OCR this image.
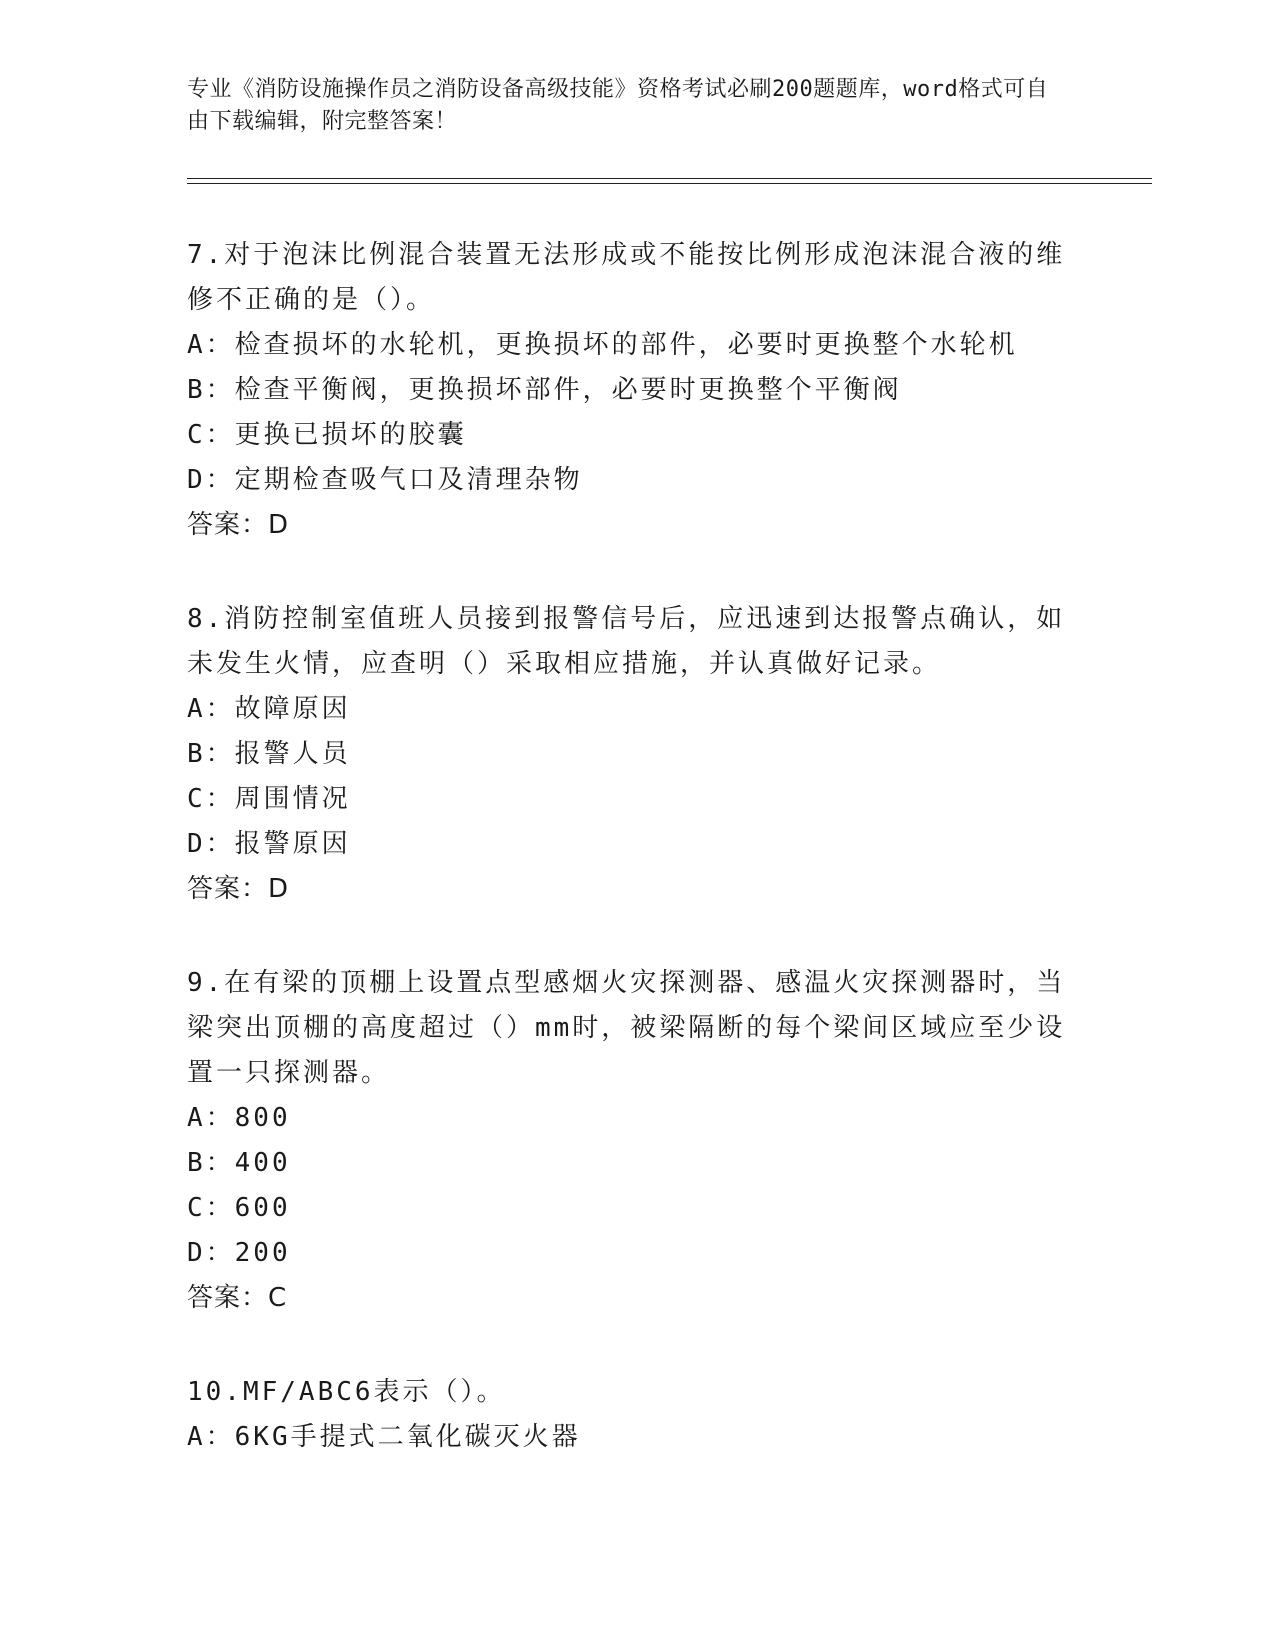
专业《消防设施操作员之消防设备高级技能》资格考试必刷200题题库，word格式可自由下载编辑，附完整答案！

7.对于泡沫比例混合装置无法形成或不能按比例形成泡沫混合液的维修不正确的是（）。

A：检查损坏的水轮机，更换损坏的部件，必要时更换整个水轮机

B：检查平衡阀，更换损坏部件，必要时更换整个平衡阀

C：更换已损坏的胶囊

D：定期检查吸气口及清理杂物

答案：D

8.消防控制室值班人员接到报警信号后，应迅速到达报警点确认，如未发生火情，应查明（）采取相应措施，并认真做好记录。

A：故障原因

B：报警人员

C：周围情况

D：报警原因

答案：D

9.在有梁的顶棚上设置点型感烟火灾探测器、感温火灾探测器时，当梁突出顶棚的高度超过（）mm时，被梁隔断的每个梁间区域应至少设置一只探测器。

A：800

B：400

C：600

D：200

答案：C

10.MF/ABC6表示（）。

A：6KG手提式二氧化碳灭火器
